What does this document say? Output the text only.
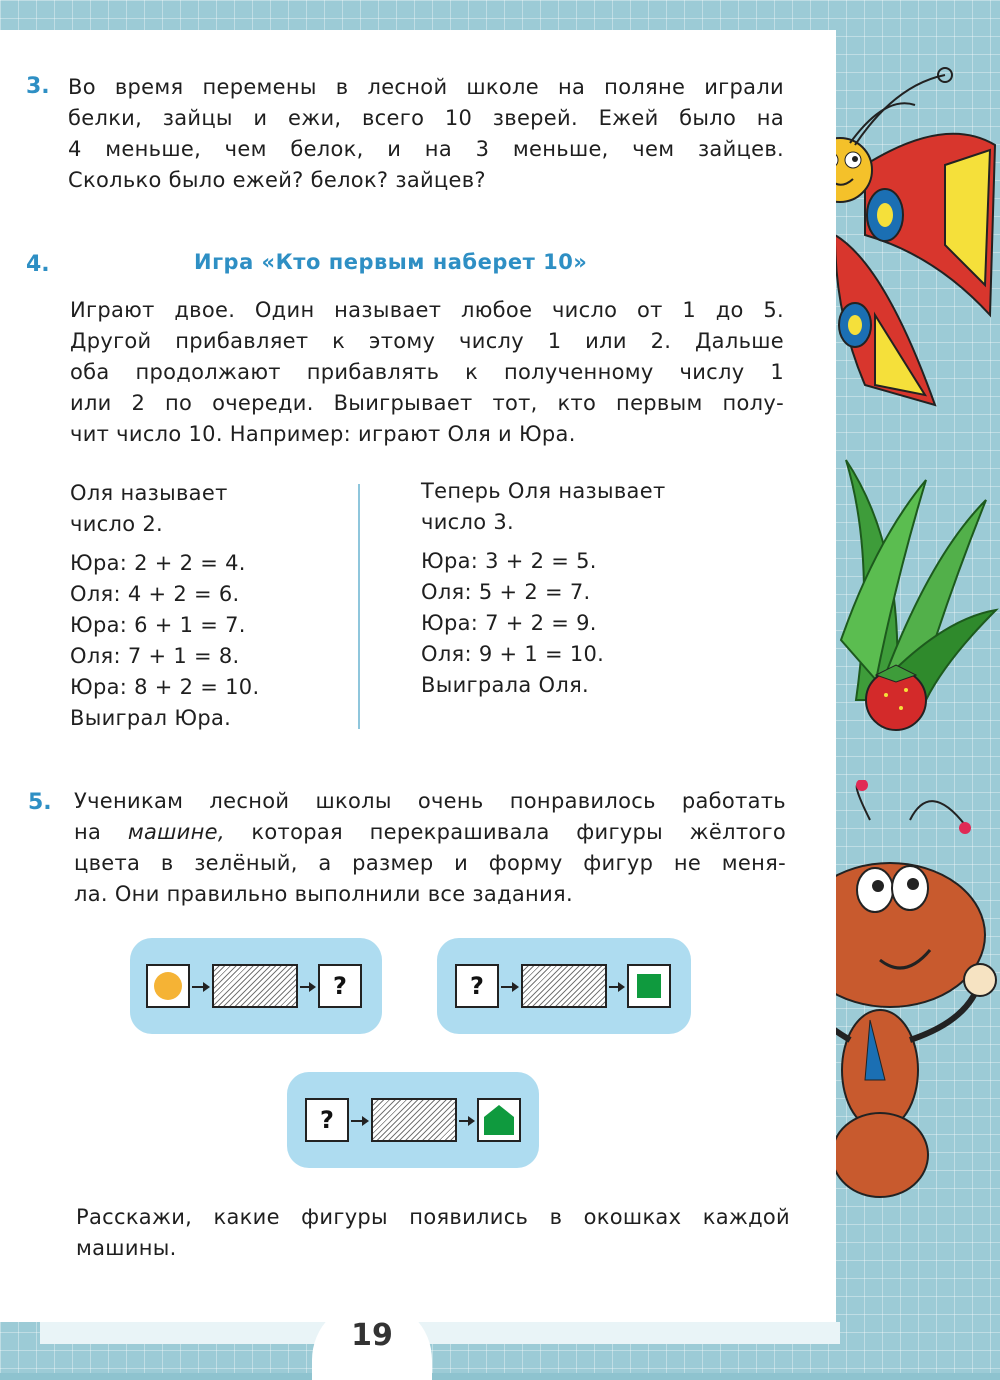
19
3. Во время перемены в лесной школе на поляне играли
белки, зайцы и ежи, всего 10 зверей. Ежей было на
4 меньше, чем белок, и на 3 меньше, чем зайцев.
Сколько было ежей? белок? зайцев?
4.	Игра «Кто первым наберет 10»
Играют двое. Один называет любое число от 1 до 5.
Другой прибавляет к этому числу 1 или 2. Дальше
оба продолжают прибавлять к полученному числу 1
или 2 по очереди. Выигрывает тот, кто первым полу-
чит число 10. Например: играют Оля и Юра.
Оля называет
число 2.
Юра: 2 + 2 = 4.
Оля: 4 + 2 = 6.
Юра: 6 + 1 = 7.
Оля: 7 + 1 = 8.
Юра: 8 + 2 = 10.
Выиграл Юра.
Теперь Оля называет
число 3.
Юра: 3 + 2 = 5.
Оля: 5 + 2 = 7.
Юра: 7 + 2 = 9.
Оля: 9 + 1 = 10.
Выиграла Оля.
5. Ученикам лесной школы очень понравилось работать
на машине, которая перекрашивала фигуры жёлтого
цвета в зелёный, а размер и форму фигур не меня-
ла. Они правильно выполнили все задания.
?	?
?
Расскажи, какие фигуры появились в окошках каждой
машины.
